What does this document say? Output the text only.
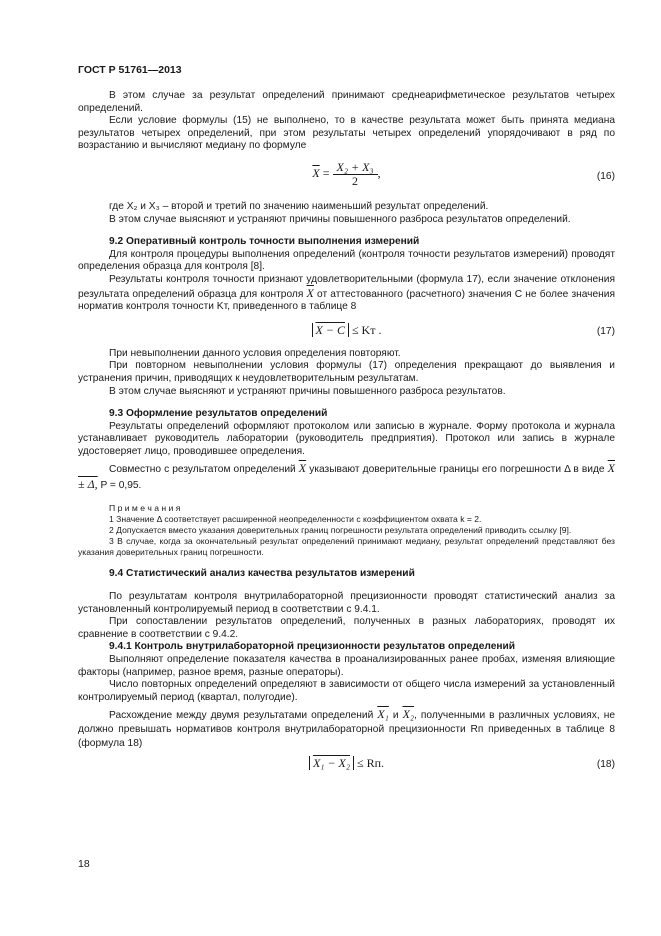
ГОСТ Р 51761—2013

В этом случае за результат определений принимают среднеарифметическое результатов четырех определений.

Если условие формулы (15) не выполнено, то в качестве результата может быть принята медиана результатов четырех определений, при этом результаты четырех определений упорядочивают в ряд по возрастанию и вычисляют медиану по формуле

$\overline{X} = \frac{\text{X₂ + X₃}}{2}$ ,	(16)

где X₂ и X₃ – второй и третий по значению наименьший результат определений.

В этом случае выясняют и устраняют причины повышенного разброса результатов определений.

9.2 Оперативный контроль точности выполнения измерений

Для контроля процедуры выполнения определений (контроля точности результатов измерений) проводят определения образца для контроля [8].

Результаты контроля точности признают удовлетворительными (формула 17), если значение отклонения результата определений образца для контроля $\overline{X}$ от аттестованного (расчетного) значения C не более значения норматив контроля точности Kт, приведенного в таблице 8

X − C ≤ Kт .	(17)

При невыполнении данного условия определения повторяют.

При повторном невыполнении условия формулы (17) определения прекращают до выявления и устранения причин, приводящих к неудовлетворительным результатам.

В этом случае выясняют и устраняют причины повышенного разброса результатов.

9.3 Оформление результатов определений

Результаты определений оформляют протоколом или записью в журнале. Форму протокола и журнала устанавливает руководитель лаборатории (руководитель предприятия). Протокол или запись в журнале удостоверяет лицо, проводившее определения.

Совместно с результатом определений $\overline{X}$ указывают доверительные границы его погрешности Δ в виде X ± Δ, P = 0,95.

П р и м е ч а н и я

1 Значение Δ соответствует расширенной неопределенности с коэффициентом охвата k = 2.

2 Допускается вместо указания доверительных границ погрешности результата определений приводить ссылку [9].

3 В случае, когда за окончательный результат определений принимают медиану, результат определений представляют без указания доверительных границ погрешности.

9.4 Статистический анализ качества результатов измерений

По результатам контроля внутрилабораторной прецизионности проводят статистический анализ за установленный контролируемый период в соответствии с 9.4.1.

При сопоставлении результатов определений, полученных в разных лабораториях, проводят их сравнение в соответствии с 9.4.2.

9.4.1 Контроль внутрилабораторной прецизионности результатов определений

Выполняют определение показателя качества в проанализированных ранее пробах, изменяя влияющие факторы (например, разное время, разные операторы).

Число повторных определений определяют в зависимости от общего числа измерений за установленный контролируемый период (квартал, полугодие).

Расхождение между двумя результатами определений X₁ и X₂, полученными в различных условиях, не должно превышать нормативов контроля внутрилабораторной прецизионности Rп приведенных в таблице 8 (формула 18)

X₁ − X₂ ≤ Rп.	(18)
18
